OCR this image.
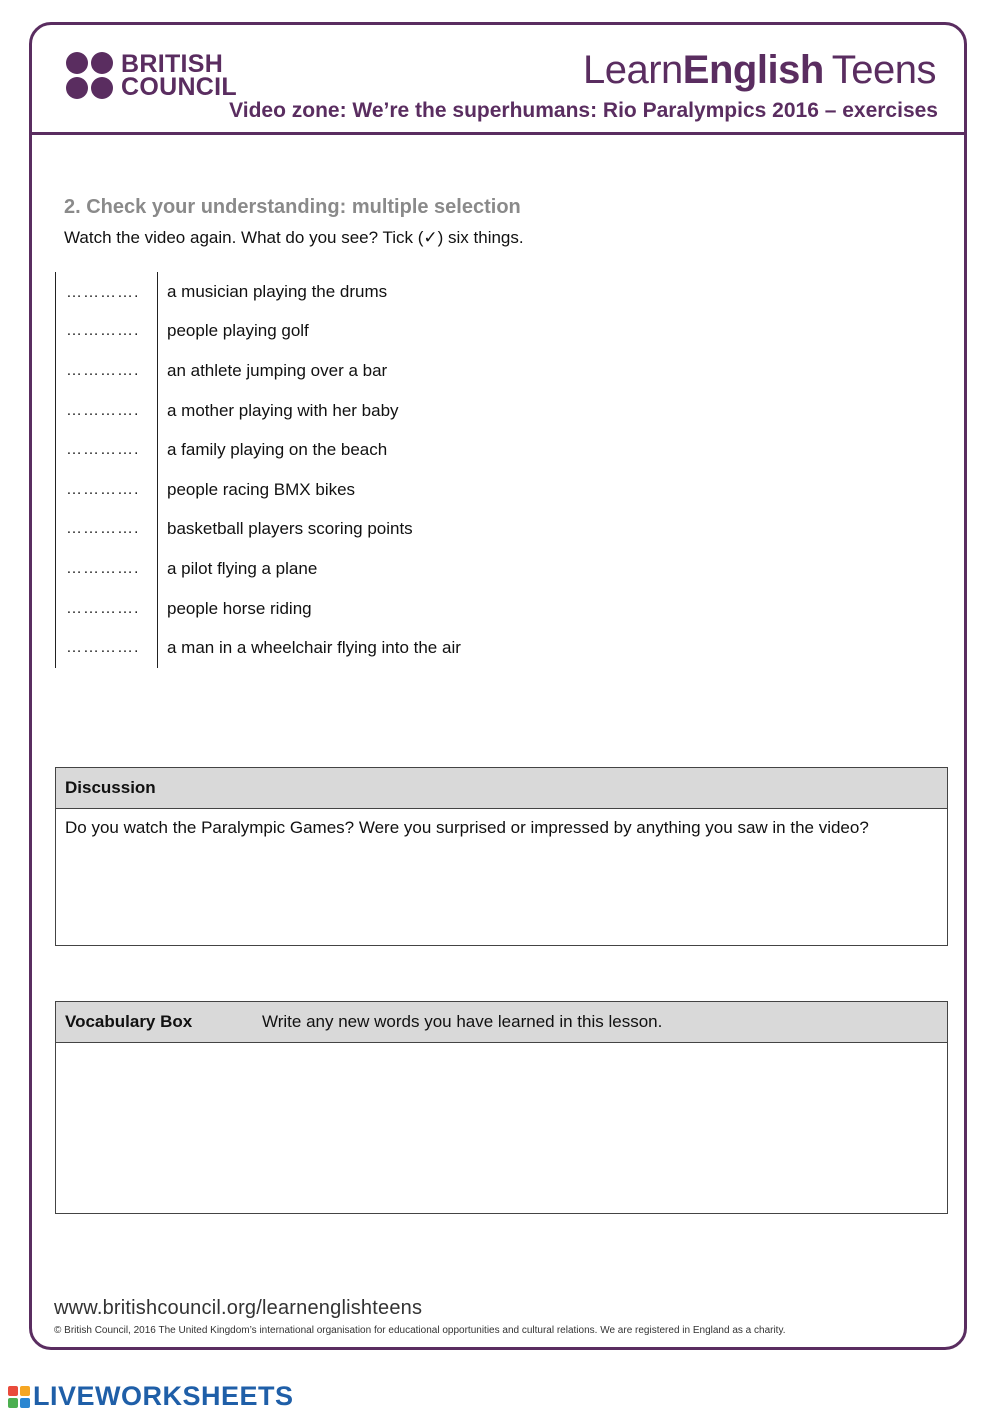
BRITISH
COUNCIL	LearnEnglish Teens
Video zone: We’re the superhumans: Rio Paralympics 2016 – exercises
2. Check your understanding: multiple selection
Watch the video again. What do you see? Tick (✓) six things.
………….	a musician playing the drums
………….	people playing golf
………….	an athlete jumping over a bar
………….	a mother playing with her baby
………….	a family playing on the beach
………….	people racing BMX bikes
………….	basketball players scoring points
………….	a pilot flying a plane
………….	people horse riding
………….	a man in a wheelchair flying into the air
Discussion
Do you watch the Paralympic Games? Were you surprised or impressed by anything you saw in the video?
Vocabulary Box	Write any new words you have learned in this lesson.
www.britishcouncil.org/learnenglishteens
© British Council, 2016 The United Kingdom’s international organisation for educational opportunities and cultural relations. We are registered in England as a charity.
LIVEWORKSHEETS
